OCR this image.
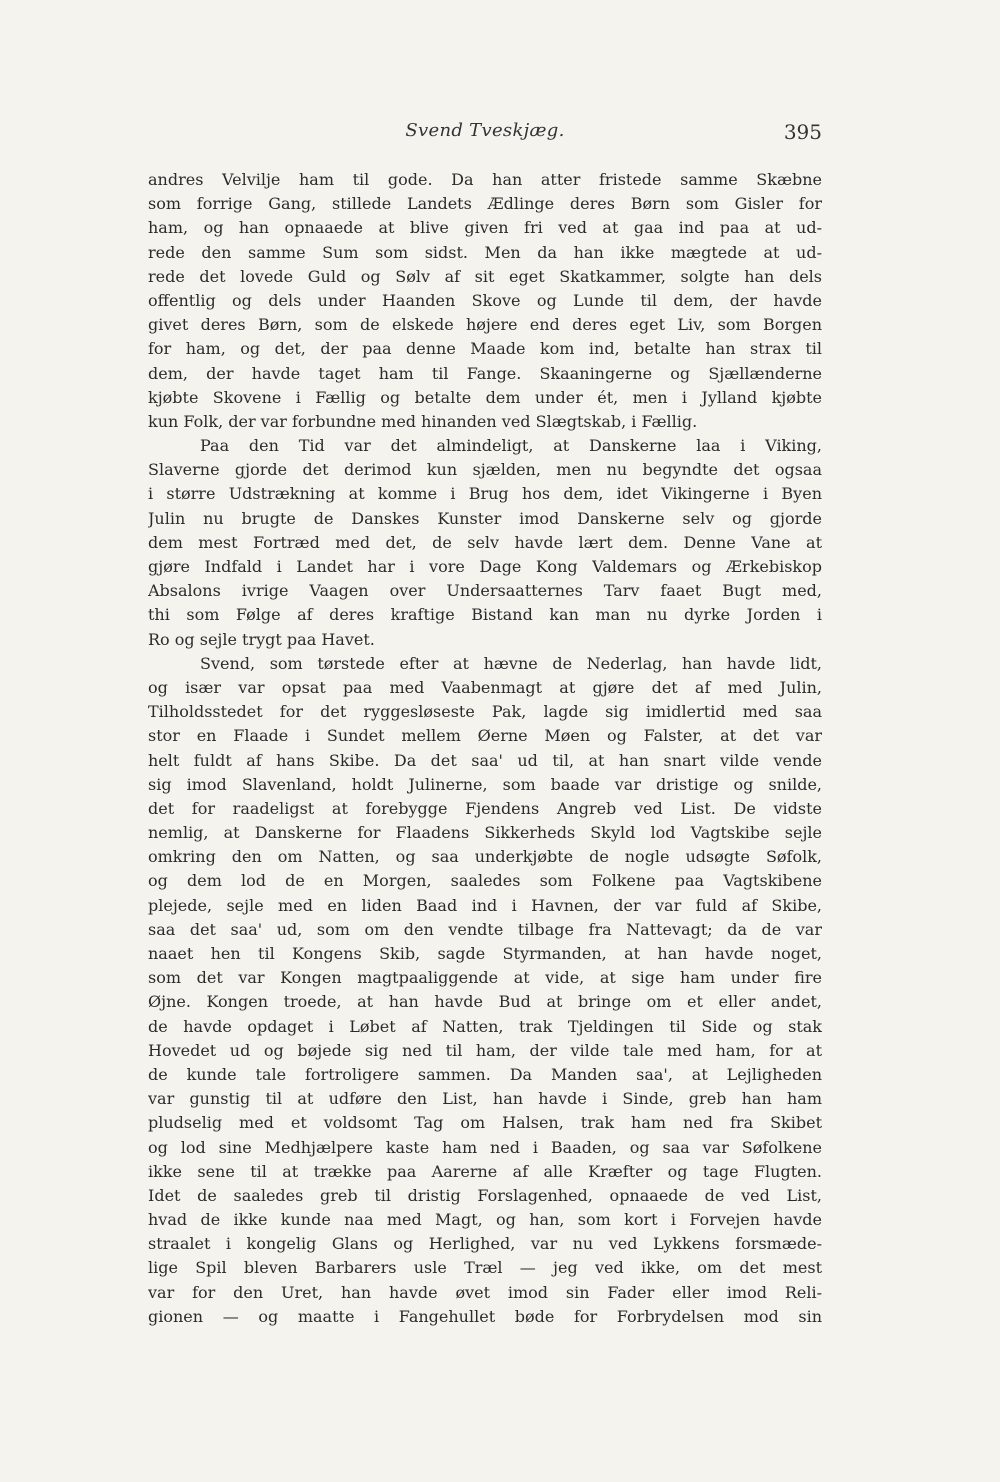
Svend Tveskjæg.	395
andres Velvilje ham til gode. Da han atter fristede samme Skæbne
som forrige Gang, stillede Landets Ædlinge deres Børn som Gisler for
ham, og han opnaaede at blive given fri ved at gaa ind paa at ud-
rede den samme Sum som sidst. Men da han ikke mægtede at ud-
rede det lovede Guld og Sølv af sit eget Skatkammer, solgte han dels
offentlig og dels under Haanden Skove og Lunde til dem, der havde
givet deres Børn, som de elskede højere end deres eget Liv, som Borgen
for ham, og det, der paa denne Maade kom ind, betalte han strax til
dem, der havde taget ham til Fange. Skaaningerne og Sjællænderne
kjøbte Skovene i Fællig og betalte dem under ét, men i Jylland kjøbte
kun Folk, der var forbundne med hinanden ved Slægtskab, i Fællig.
Paa den Tid var det almindeligt, at Danskerne laa i Viking,
Slaverne gjorde det derimod kun sjælden, men nu begyndte det ogsaa
i større Udstrækning at komme i Brug hos dem, idet Vikingerne i Byen
Julin nu brugte de Danskes Kunster imod Danskerne selv og gjorde
dem mest Fortræd med det, de selv havde lært dem. Denne Vane at
gjøre Indfald i Landet har i vore Dage Kong Valdemars og Ærkebiskop
Absalons ivrige Vaagen over Undersaatternes Tarv faaet Bugt med,
thi som Følge af deres kraftige Bistand kan man nu dyrke Jorden i
Ro og sejle trygt paa Havet.
Svend, som tørstede efter at hævne de Nederlag, han havde lidt,
og især var opsat paa med Vaabenmagt at gjøre det af med Julin,
Tilholdsstedet for det ryggesløseste Pak, lagde sig imidlertid med saa
stor en Flaade i Sundet mellem Øerne Møen og Falster, at det var
helt fuldt af hans Skibe. Da det saa' ud til, at han snart vilde vende
sig imod Slavenland, holdt Julinerne, som baade var dristige og snilde,
det for raadeligst at forebygge Fjendens Angreb ved List. De vidste
nemlig, at Danskerne for Flaadens Sikkerheds Skyld lod Vagtskibe sejle
omkring den om Natten, og saa underkjøbte de nogle udsøgte Søfolk,
og dem lod de en Morgen, saaledes som Folkene paa Vagtskibene
plejede, sejle med en liden Baad ind i Havnen, der var fuld af Skibe,
saa det saa' ud, som om den vendte tilbage fra Nattevagt; da de var
naaet hen til Kongens Skib, sagde Styrmanden, at han havde noget,
som det var Kongen magtpaaliggende at vide, at sige ham under fire
Øjne. Kongen troede, at han havde Bud at bringe om et eller andet,
de havde opdaget i Løbet af Natten, trak Tjeldingen til Side og stak
Hovedet ud og bøjede sig ned til ham, der vilde tale med ham, for at
de kunde tale fortroligere sammen. Da Manden saa', at Lejligheden
var gunstig til at udføre den List, han havde i Sinde, greb han ham
pludselig med et voldsomt Tag om Halsen, trak ham ned fra Skibet
og lod sine Medhjælpere kaste ham ned i Baaden, og saa var Søfolkene
ikke sene til at trække paa Aarerne af alle Kræfter og tage Flugten.
Idet de saaledes greb til dristig Forslagenhed, opnaaede de ved List,
hvad de ikke kunde naa med Magt, og han, som kort i Forvejen havde
straalet i kongelig Glans og Herlighed, var nu ved Lykkens forsmæde-
lige Spil bleven Barbarers usle Træl — jeg ved ikke, om det mest
var for den Uret, han havde øvet imod sin Fader eller imod Reli-
gionen — og maatte i Fangehullet bøde for Forbrydelsen mod sin
